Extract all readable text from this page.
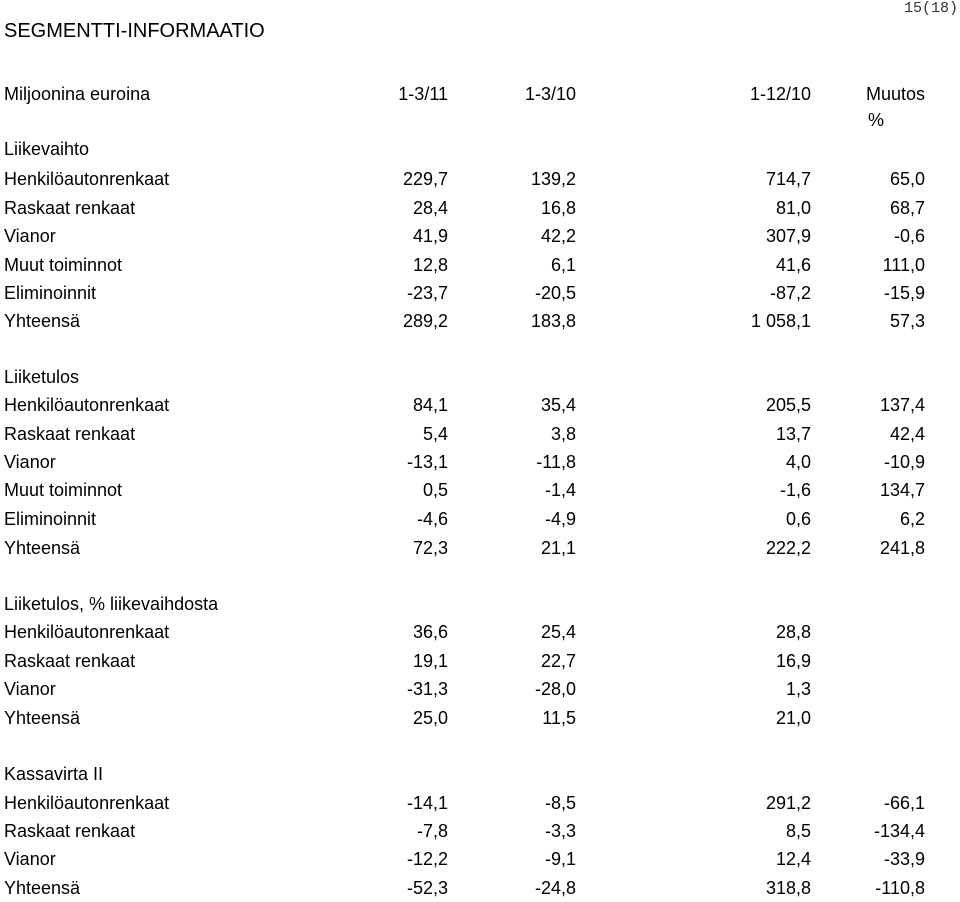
15(18)
SEGMENTTI-INFORMAATIO
Miljoonina euroina	1-3/11	1-3/10	1-12/10	Muutos
%
Liikevaihto
Henkilöautonrenkaat	229,7	139,2	714,7	65,0
Raskaat renkaat	28,4	16,8	81,0	68,7
Vianor	41,9	42,2	307,9	-0,6
Muut toiminnot	12,8	6,1	41,6	111,0
Eliminoinnit	-23,7	-20,5	-87,2	-15,9
Yhteensä	289,2	183,8	1 058,1	57,3
Liiketulos
Henkilöautonrenkaat	84,1	35,4	205,5	137,4
Raskaat renkaat	5,4	3,8	13,7	42,4
Vianor	-13,1	-11,8	4,0	-10,9
Muut toiminnot	0,5	-1,4	-1,6	134,7
Eliminoinnit	-4,6	-4,9	0,6	6,2
Yhteensä	72,3	21,1	222,2	241,8
Liiketulos, % liikevaihdosta
Henkilöautonrenkaat	36,6	25,4	28,8
Raskaat renkaat	19,1	22,7	16,9
Vianor	-31,3	-28,0	1,3
Yhteensä	25,0	11,5	21,0
Kassavirta II
Henkilöautonrenkaat	-14,1	-8,5	291,2	-66,1
Raskaat renkaat	-7,8	-3,3	8,5	-134,4
Vianor	-12,2	-9,1	12,4	-33,9
Yhteensä	-52,3	-24,8	318,8	-110,8
